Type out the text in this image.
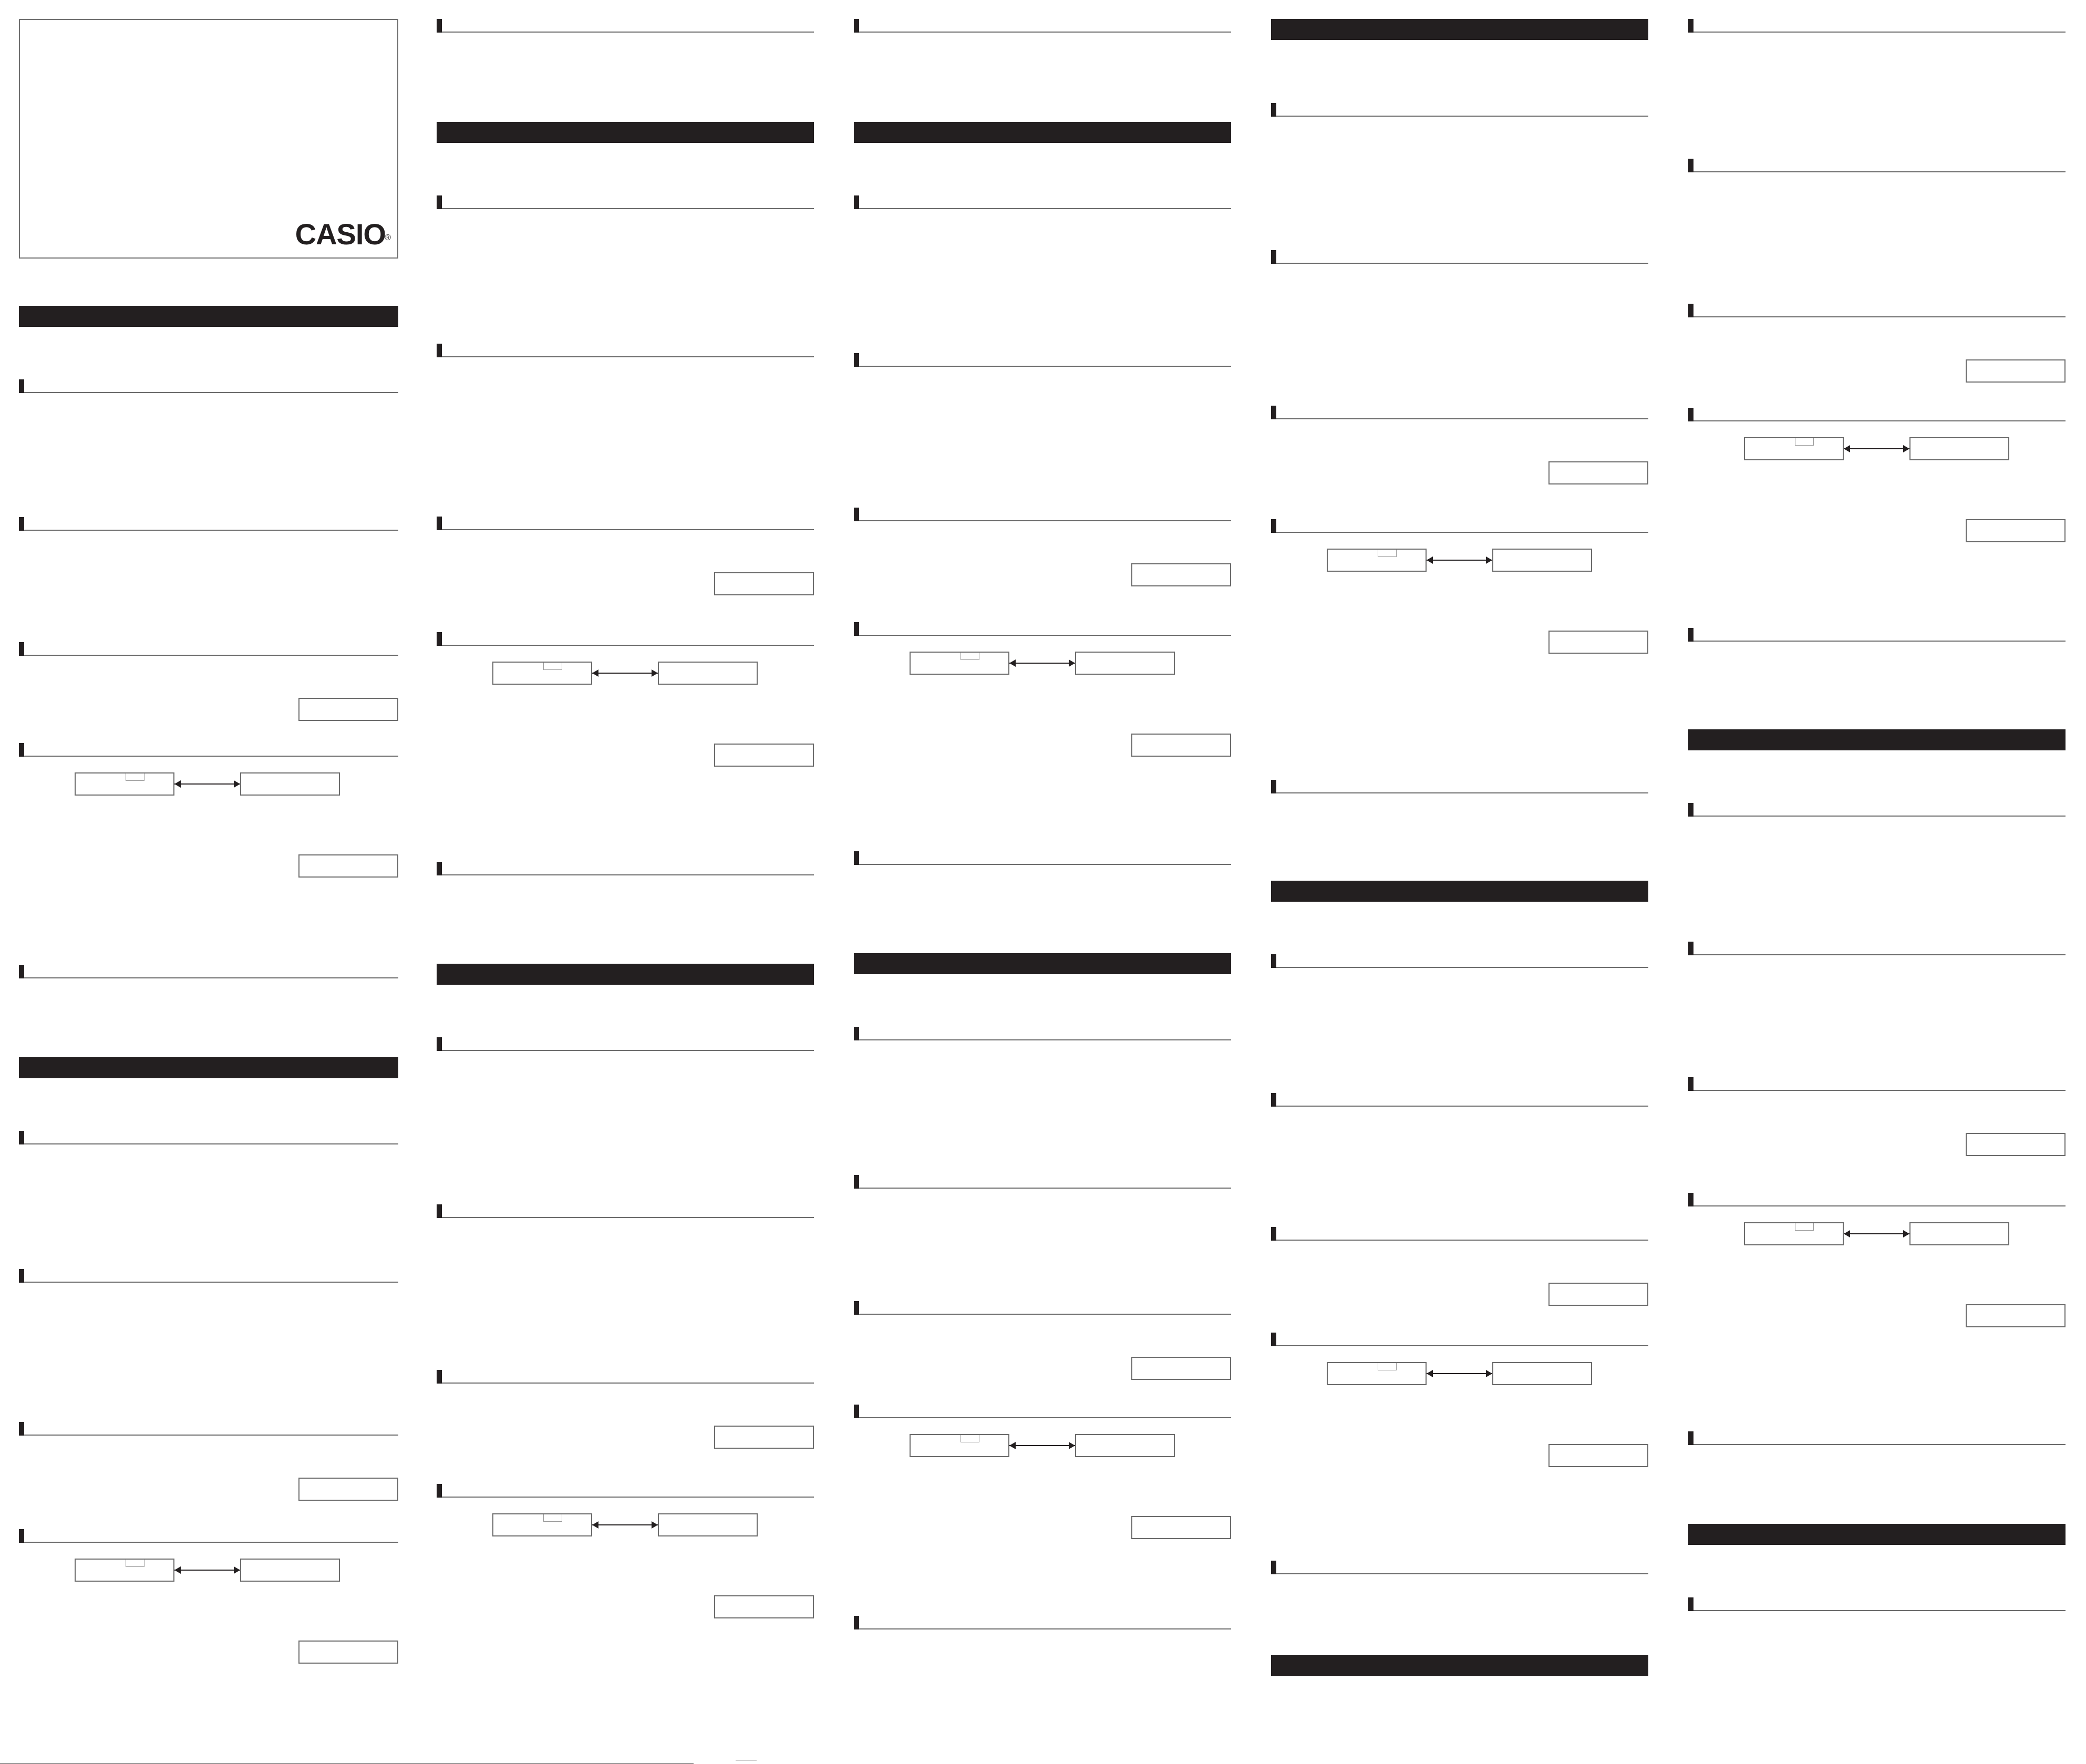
CASIO
®
